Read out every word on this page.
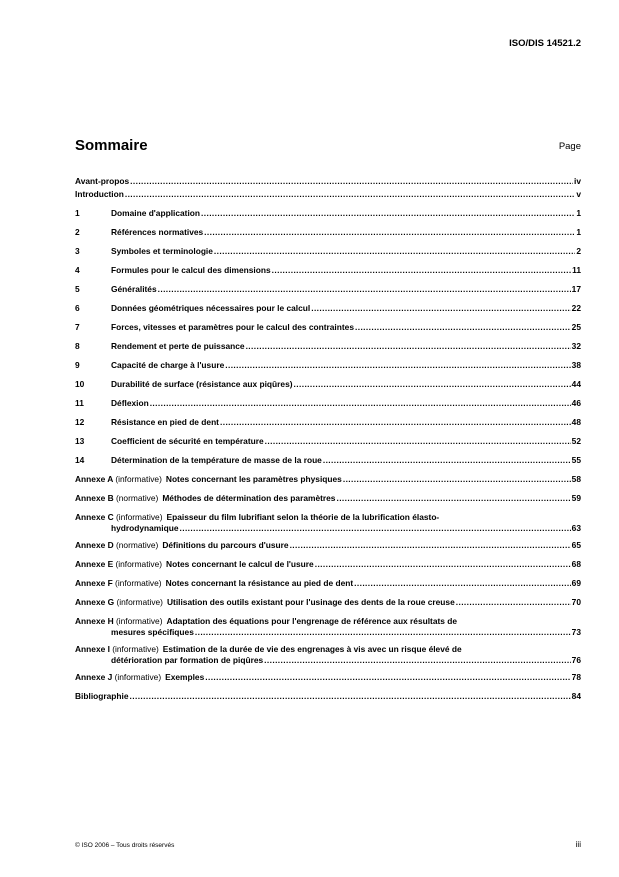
ISO/DIS 14521.2
Sommaire	Page
Avant-propos .....	iv
Introduction .....	v
1	Domaine d'application .....	1
2	Références normatives .....	1
3	Symboles et terminologie .....	2
4	Formules pour le calcul des dimensions .....	11
5	Généralités .....	17
6	Données géométriques nécessaires pour le calcul .....	22
7	Forces, vitesses et paramètres pour le calcul des contraintes .....	25
8	Rendement et perte de puissance .....	32
9	Capacité de charge à l'usure .....	38
10	Durabilité de surface (résistance aux piqûres) .....	44
11	Déflexion .....	46
12	Résistance en pied de dent .....	48
13	Coefficient de sécurité en température .....	52
14	Détermination de la température de masse de la roue .....	55
Annexe A (informative) Notes concernant les paramètres physiques .....	58
Annexe B (normative) Méthodes de détermination des paramètres .....	59
Annexe C (informative) Epaisseur du film lubrifiant selon la théorie de la lubrification élasto-
hydrodynamique .....	63
Annexe D (normative) Définitions du parcours d'usure .....	65
Annexe E (informative) Notes concernant le calcul de l'usure .....	68
Annexe F (informative) Notes concernant la résistance au pied de dent .....	69
Annexe G (informative) Utilisation des outils existant pour l'usinage des dents de la roue creuse .....	70
Annexe H (informative) Adaptation des équations pour l'engrenage de référence aux résultats de
mesures spécifiques .....	73
Annexe I (informative) Estimation de la durée de vie des engrenages à vis avec un risque élevé de
détérioration par formation de piqûres .....	76
Annexe J (informative) Exemples .....	78
Bibliographie .....	84
© ISO 2006 – Tous droits réservés	iii
